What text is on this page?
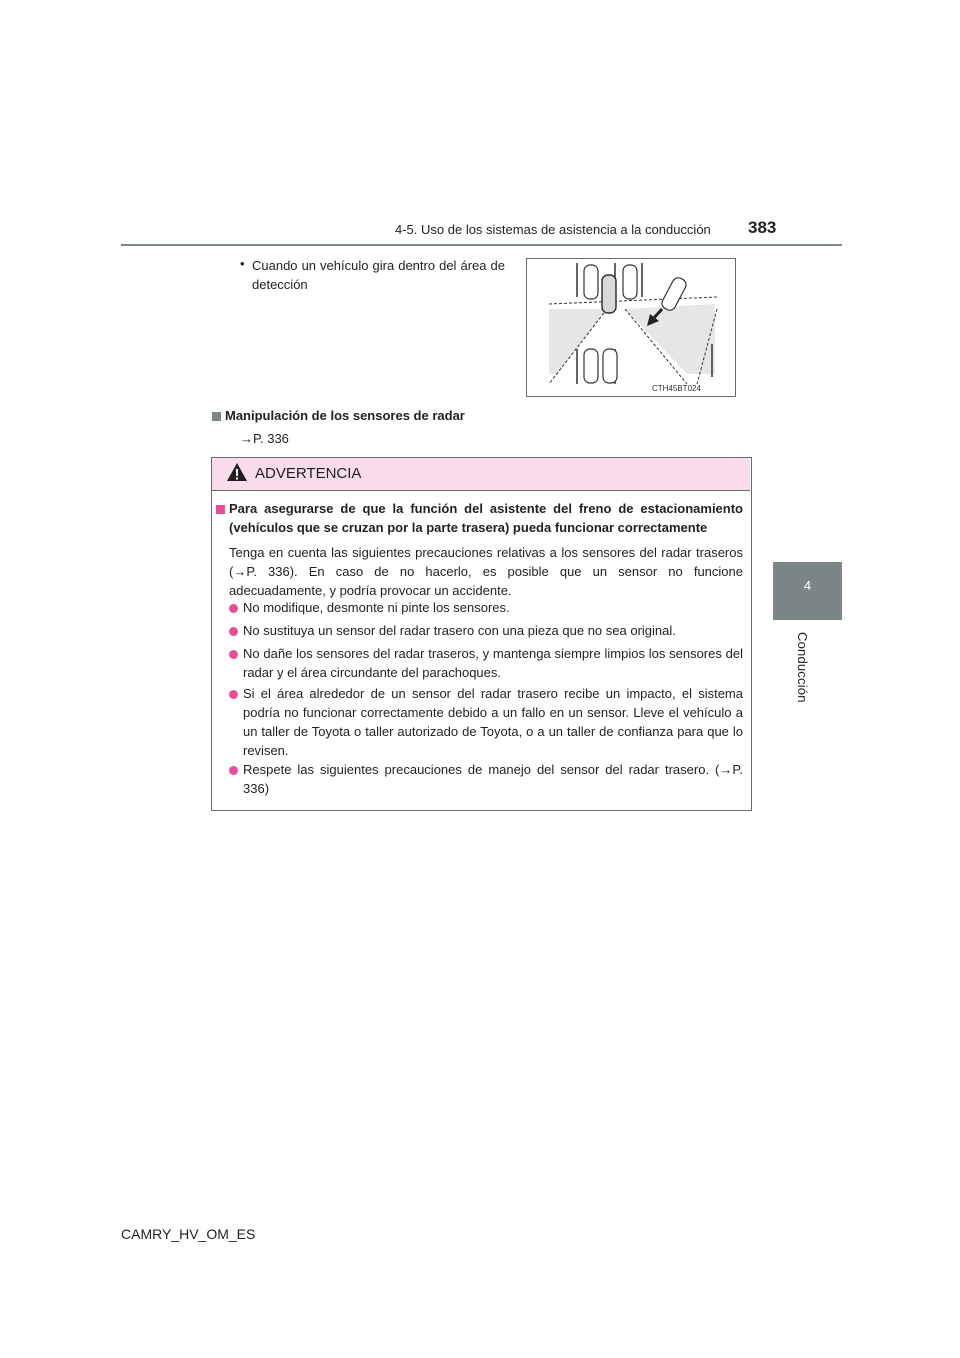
4-5. Uso de los sistemas de asistencia a la conducción 383
4
Conducción
• Cuando un vehículo gira dentro del área de detección
CTH45BT024
Manipulación de los sensores de radar
→P. 336
ADVERTENCIA
Para asegurarse de que la función del asistente del freno de estacionamiento (vehículos que se cruzan por la parte trasera) pueda funcionar correctamente
Tenga en cuenta las siguientes precauciones relativas a los sensores del radar traseros (→P. 336). En caso de no hacerlo, es posible que un sensor no funcione adecuadamente, y podría provocar un accidente.
No modifique, desmonte ni pinte los sensores.
No sustituya un sensor del radar trasero con una pieza que no sea original.
No dañe los sensores del radar traseros, y mantenga siempre limpios los sensores del radar y el área circundante del parachoques.
Si el área alrededor de un sensor del radar trasero recibe un impacto, el sistema podría no funcionar correctamente debido a un fallo en un sensor. Lleve el vehículo a un taller de Toyota o taller autorizado de Toyota, o a un taller de confianza para que lo revisen.
Respete las siguientes precauciones de manejo del sensor del radar trasero. (→P. 336)
CAMRY_HV_OM_ES
